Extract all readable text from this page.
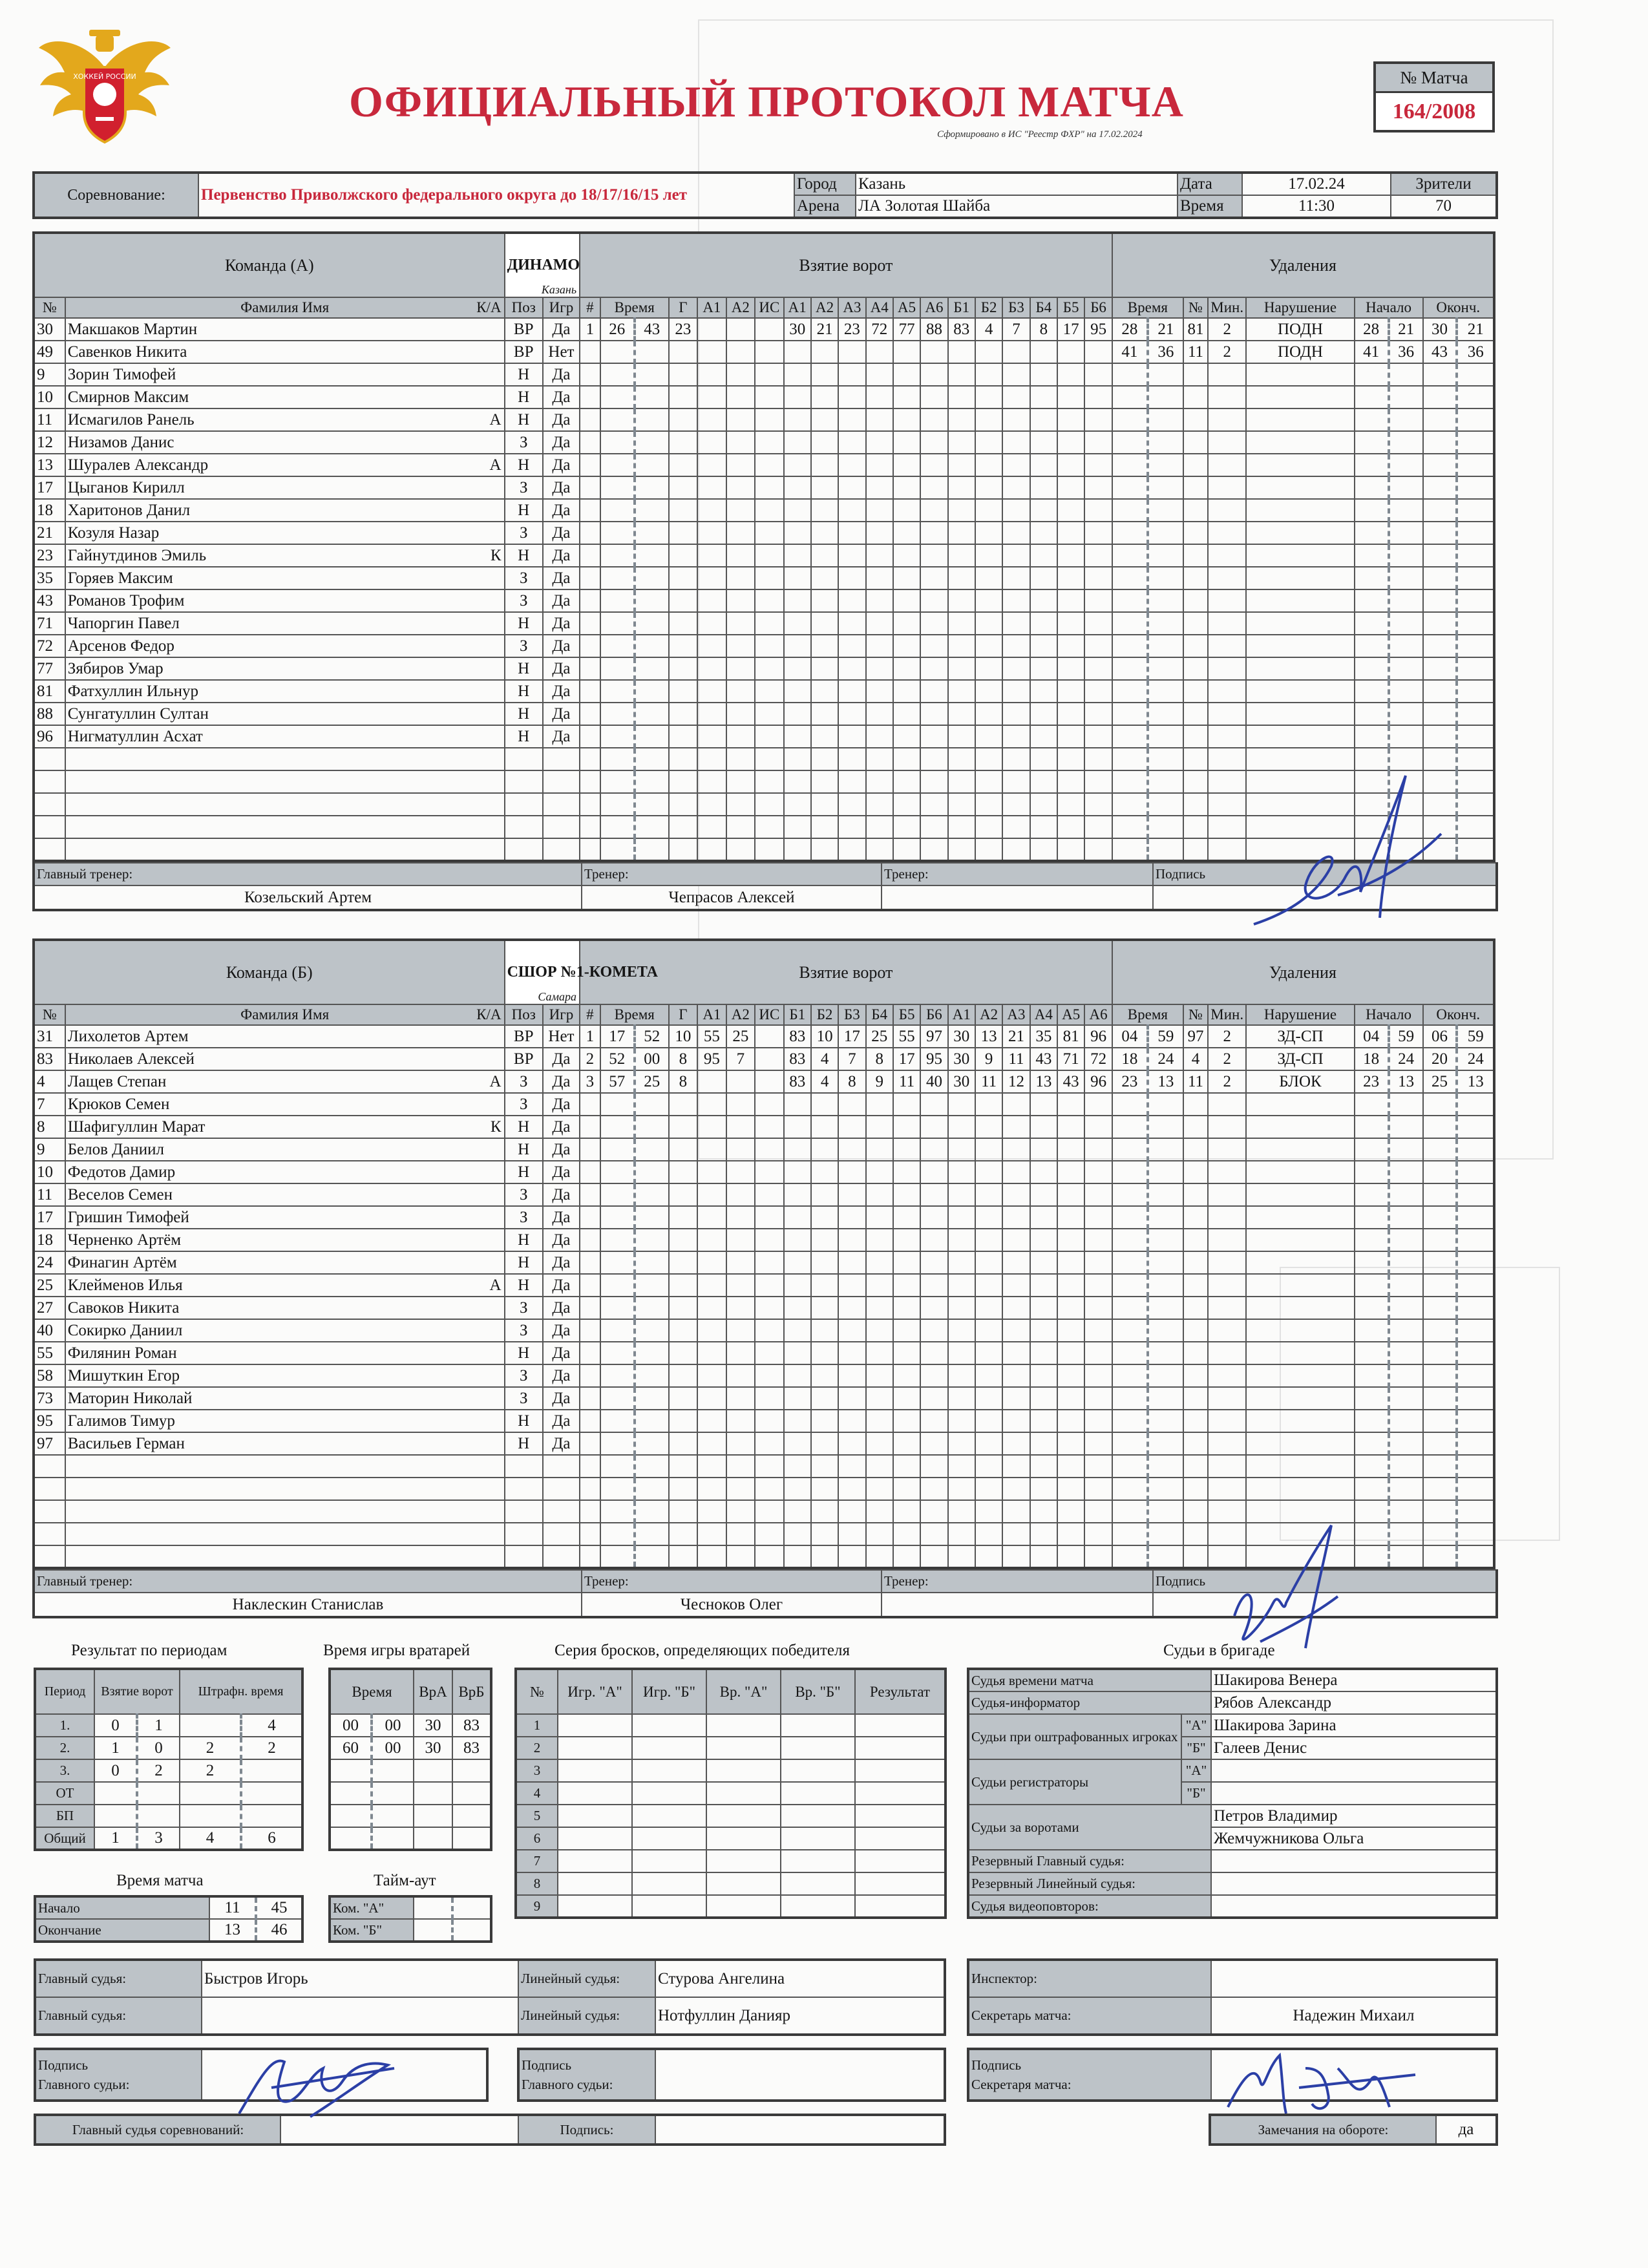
ХОККЕЙ РОССИИ
ОФИЦИАЛЬНЫЙ ПРОТОКОЛ МАТЧА
Сформировано в ИС "Реестр ФХР" на 17.02.2024
№ Матча
164/2008
Соревнование:	Первенство Приволжского федерального округа до 18/17/16/15 лет	Город	Казань	Дата	17.02.24	Зрители
		Арена	ЛА Золотая Шайба	Время	11:30	70
Команда (А)		ДИНАМО
Казань		Взятие ворот																			Удаления								
№	Фамилия Имя К/А	Поз	Игр	#	Время		Г	А1	А2	ИС	А1	А2	А3	А4	А5	А6	Б1	Б2	Б3	Б4	Б5	Б6	Время		№	Мин.	Нарушение	Начало		Оконч.	
30	Макшаков Мартин	ВР	Да	1	26	43	23				30	21	23	72	77	88	83	4	7	8	17	95	28	21	81	2	ПОДН	28	21	30	21
49	Савенков Никита	ВР	Нет																				41	36	11	2	ПОДН	41	36	43	36
9	Зорин Тимофей	Н	Да																												
10	Смирнов Максим	Н	Да																												
11	Исмагилов Ранель А	Н	Да																												
12	Низамов Данис	З	Да																												
13	Шуралев Александр А	Н	Да																												
17	Цыганов Кирилл	З	Да																												
18	Харитонов Данил	Н	Да																												
21	Козуля Назар	З	Да																												
23	Гайнутдинов Эмиль К	Н	Да																												
35	Горяев Максим	З	Да																												
43	Романов Трофим	З	Да																												
71	Чапоргин Павел	Н	Да																												
72	Арсенов Федор	З	Да																												
77	Зябиров Умар	Н	Да																												
81	Фатхуллин Ильнур	Н	Да																												
88	Сунгатуллин Султан	Н	Да																												
96	Нигматуллин Асхат	Н	Да																												

Главный тренер:	Тренер:	Тренер:	Подпись
Козельский Артем	Чепрасов Алексей		
Команда (Б)		СШОР №1-КОМЕТА
Самара		Взятие ворот																			Удаления								
№	Фамилия Имя К/А	Поз	Игр	#	Время		Г	А1	А2	ИС	Б1	Б2	Б3	Б4	Б5	Б6	А1	А2	А3	А4	А5	А6	Время		№	Мин.	Нарушение	Начало		Оконч.	
31	Лихолетов Артем	ВР	Нет	1	17	52	10	55	25		83	10	17	25	55	97	30	13	21	35	81	96	04	59	97	2	ЗД-СП	04	59	06	59
83	Николаев Алексей	ВР	Да	2	52	00	8	95	7		83	4	7	8	17	95	30	9	11	43	71	72	18	24	4	2	ЗД-СП	18	24	20	24
4	Лащев Степан А	З	Да	3	57	25	8				83	4	8	9	11	40	30	11	12	13	43	96	23	13	11	2	БЛОК	23	13	25	13
7	Крюков Семен	З	Да																												
8	Шафигуллин Марат К	Н	Да																												
9	Белов Даниил	Н	Да																												
10	Федотов Дамир	Н	Да																												
11	Веселов Семен	З	Да																												
17	Гришин Тимофей	З	Да																												
18	Черненко Артём	Н	Да																												
24	Финагин Артём	Н	Да																												
25	Клейменов Илья А	Н	Да																												
27	Савоков Никита	З	Да																												
40	Сокирко Даниил	З	Да																												
55	Филянин Роман	Н	Да																												
58	Мишуткин Егор	З	Да																												
73	Маторин Николай	З	Да																												
95	Галимов Тимур	Н	Да																												
97	Васильев Герман	Н	Да																												

Главный тренер:	Тренер:	Тренер:	Подпись
Наклескин Станислав	Чесноков Олег		
Результат по периодам
Период	Взятие ворот		Штрафн. время	
1.	0	1		4
2.	1	0	2	2
3.	0	2	2	
ОТ				
БП				
Общий	1	3	4	6
Время игры вратарей
Время		ВрА	ВрБ
00	00	30	83
60	00	30	83

Время матча
Начало	11	45
Окончание	13	46
Тайм-аут
Ком. "А"		
Ком. "Б"		
Серия бросков, определяющих победителя
№	Игр. "А"	Игр. "Б"	Вр. "А"	Вр. "Б"	Результат
1					
2					
3					
4					
5					
6					
7					
8					
9					
Судьи в бригаде
Судья времени матча		Шакирова Венера
Судья-информатор		Рябов Александр
Судьи при оштрафованных игроках	"А"	Шакирова Зарина
	"Б"	Галеев Денис
Судьи регистраторы	"А"	
	"Б"	
Судьи за воротами		Петров Владимир
		Жемчужникова Ольга
Резервный Главный судья:		
Резервный Линейный судья:		
Судья видеоповторов:		
Главный судья:	Быстров Игорь	Линейный судья:	Стурова Ангелина
Главный судья:		Линейный судья:	Нотфуллин Данияр
Инспектор:	
Секретарь матча:	Надежин Михаил
Подпись
Главного судьи:

Подпись
Главного судьи:

Подпись
Секретаря матча:

Главный судья соревнований:		Подпись:		Замечания на обороте:	да
